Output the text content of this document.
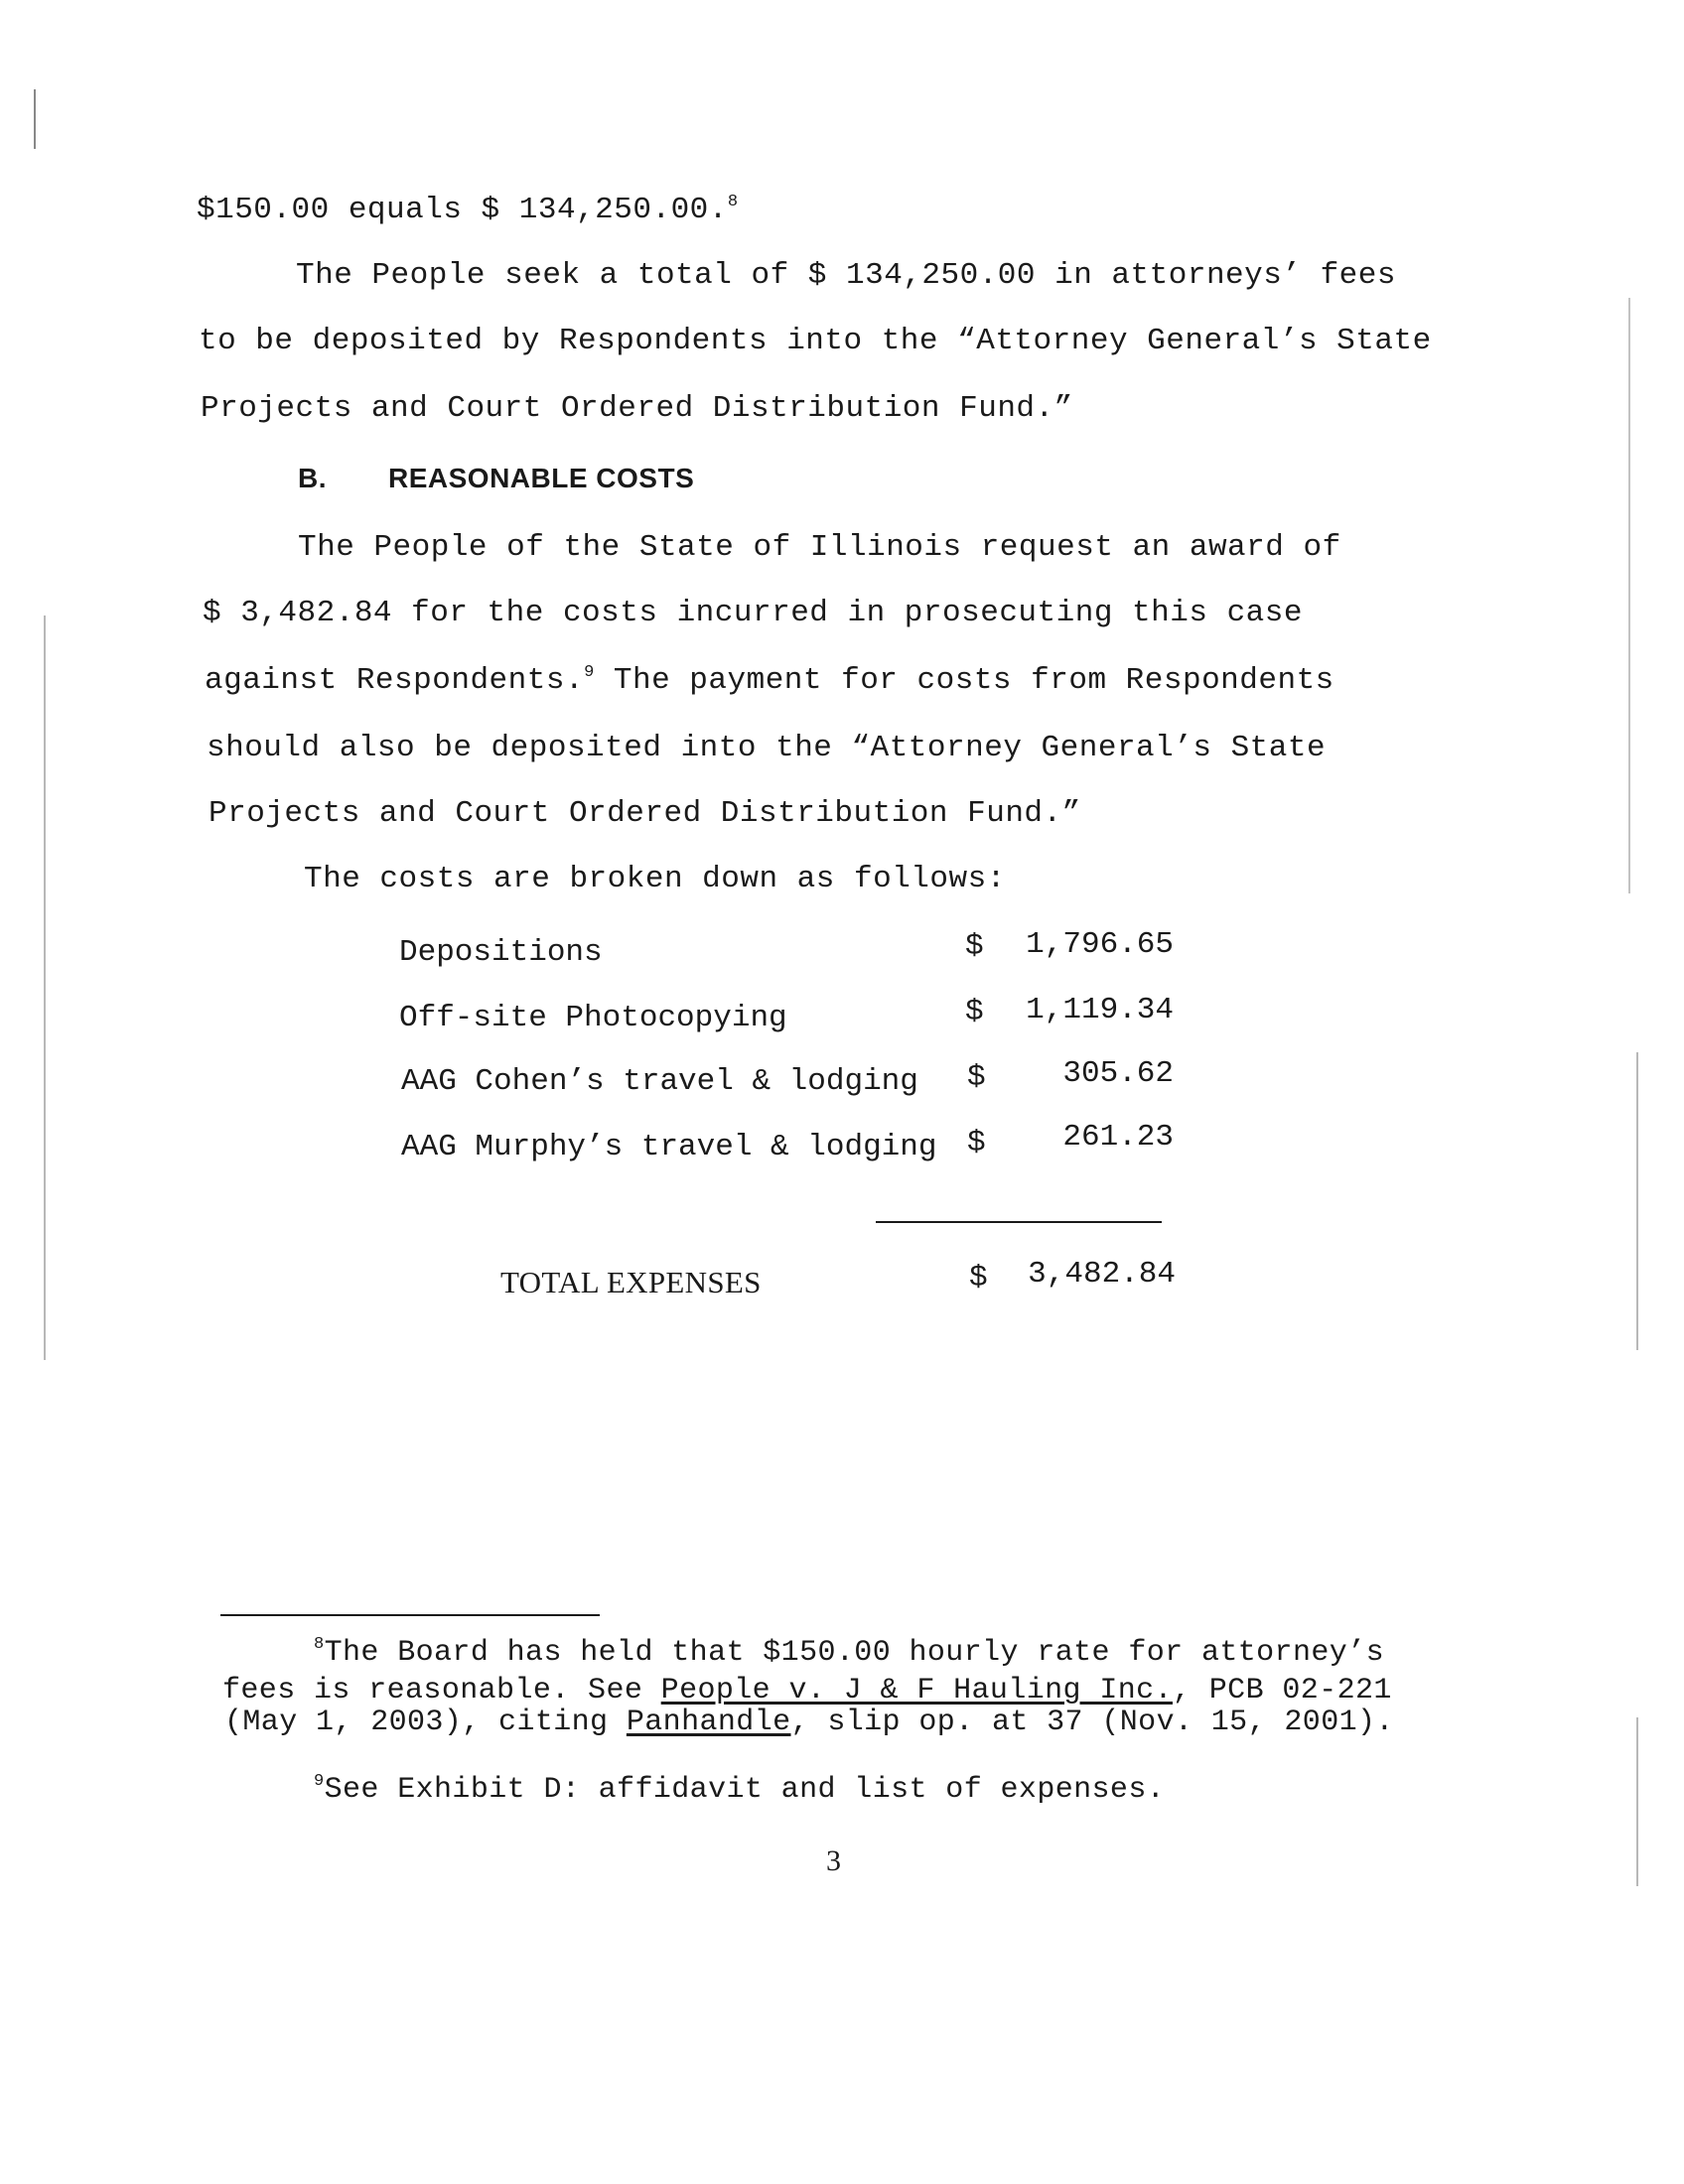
$150.00 equals $ 134,250.00.$^8$
The People seek a total of $ 134,250.00 in attorneys’ fees
to be deposited by Respondents into the “Attorney General’s State
Projects and Court Ordered Distribution Fund.”
B. REASONABLE COSTS
The People of the State of Illinois request an award of
$ 3,482.84 for the costs incurred in prosecuting this case
against Respondents.$^9$ The payment for costs from Respondents
should also be deposited into the “Attorney General’s State
Projects and Court Ordered Distribution Fund.”
The costs are broken down as follows:
Depositions	$	1,796.65
Off-site Photocopying	$	1,119.34
AAG Cohen’s travel & lodging $	305.62
AAG Murphy’s travel & lodging $	261.23
TOTAL EXPENSES	$	3,482.84
$^8$The Board has held that $150.00 hourly rate for attorney’s
fees is reasonable. See People v. J & F Hauling Inc., PCB 02-221
(May 1, 2003), citing Panhandle, slip op. at 37 (Nov. 15, 2001).
$^9$See Exhibit D: affidavit and list of expenses.
3
